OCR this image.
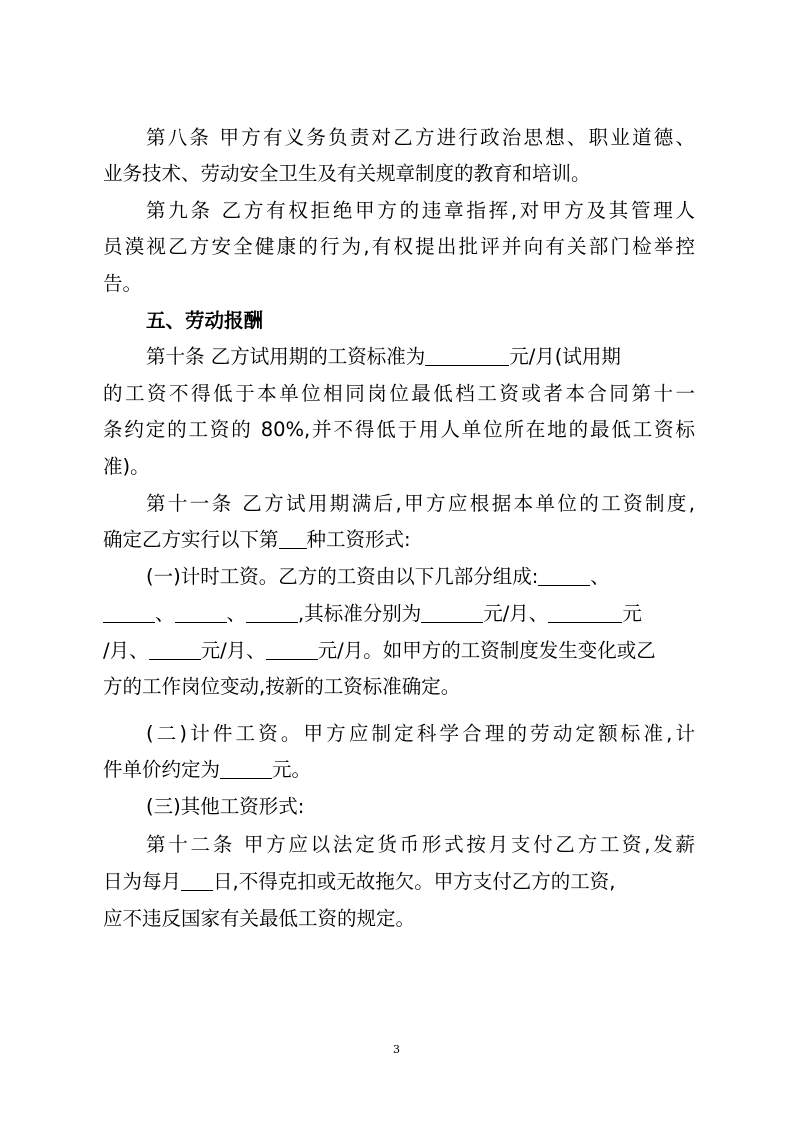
第八条 甲方有义务负责对乙方进行政治思想、职业道德、
业务技术、劳动安全卫生及有关规章制度的教育和培训。
第九条 乙方有权拒绝甲方的违章指挥,对甲方及其管理人
员漠视乙方安全健康的行为,有权提出批评并向有关部门检举控
告。
五、劳动报酬
第十条 乙方试用期的工资标准为	元/月(试用期
的工资不得低于本单位相同岗位最低档工资或者本合同第十一
条约定的工资的 80%,并不得低于用人单位所在地的最低工资标
准)。
第十一条 乙方试用期满后,甲方应根据本单位的工资制度,
确定乙方实行以下第 种工资形式:
(一)计时工资。乙方的工资由以下几部分组成:	、
、	、	,其标准分别为	元/月、	元
/月、	元/月、	元/月。如甲方的工资制度发生变化或乙
方的工作岗位变动,按新的工资标准确定。
(二)计件工资。甲方应制定科学合理的劳动定额标准,计
件单价约定为	元。
(三)其他工资形式:
第十二条 甲方应以法定货币形式按月支付乙方工资,发薪
日为每月 日,不得克扣或无故拖欠。甲方支付乙方的工资,
应不违反国家有关最低工资的规定。
3
